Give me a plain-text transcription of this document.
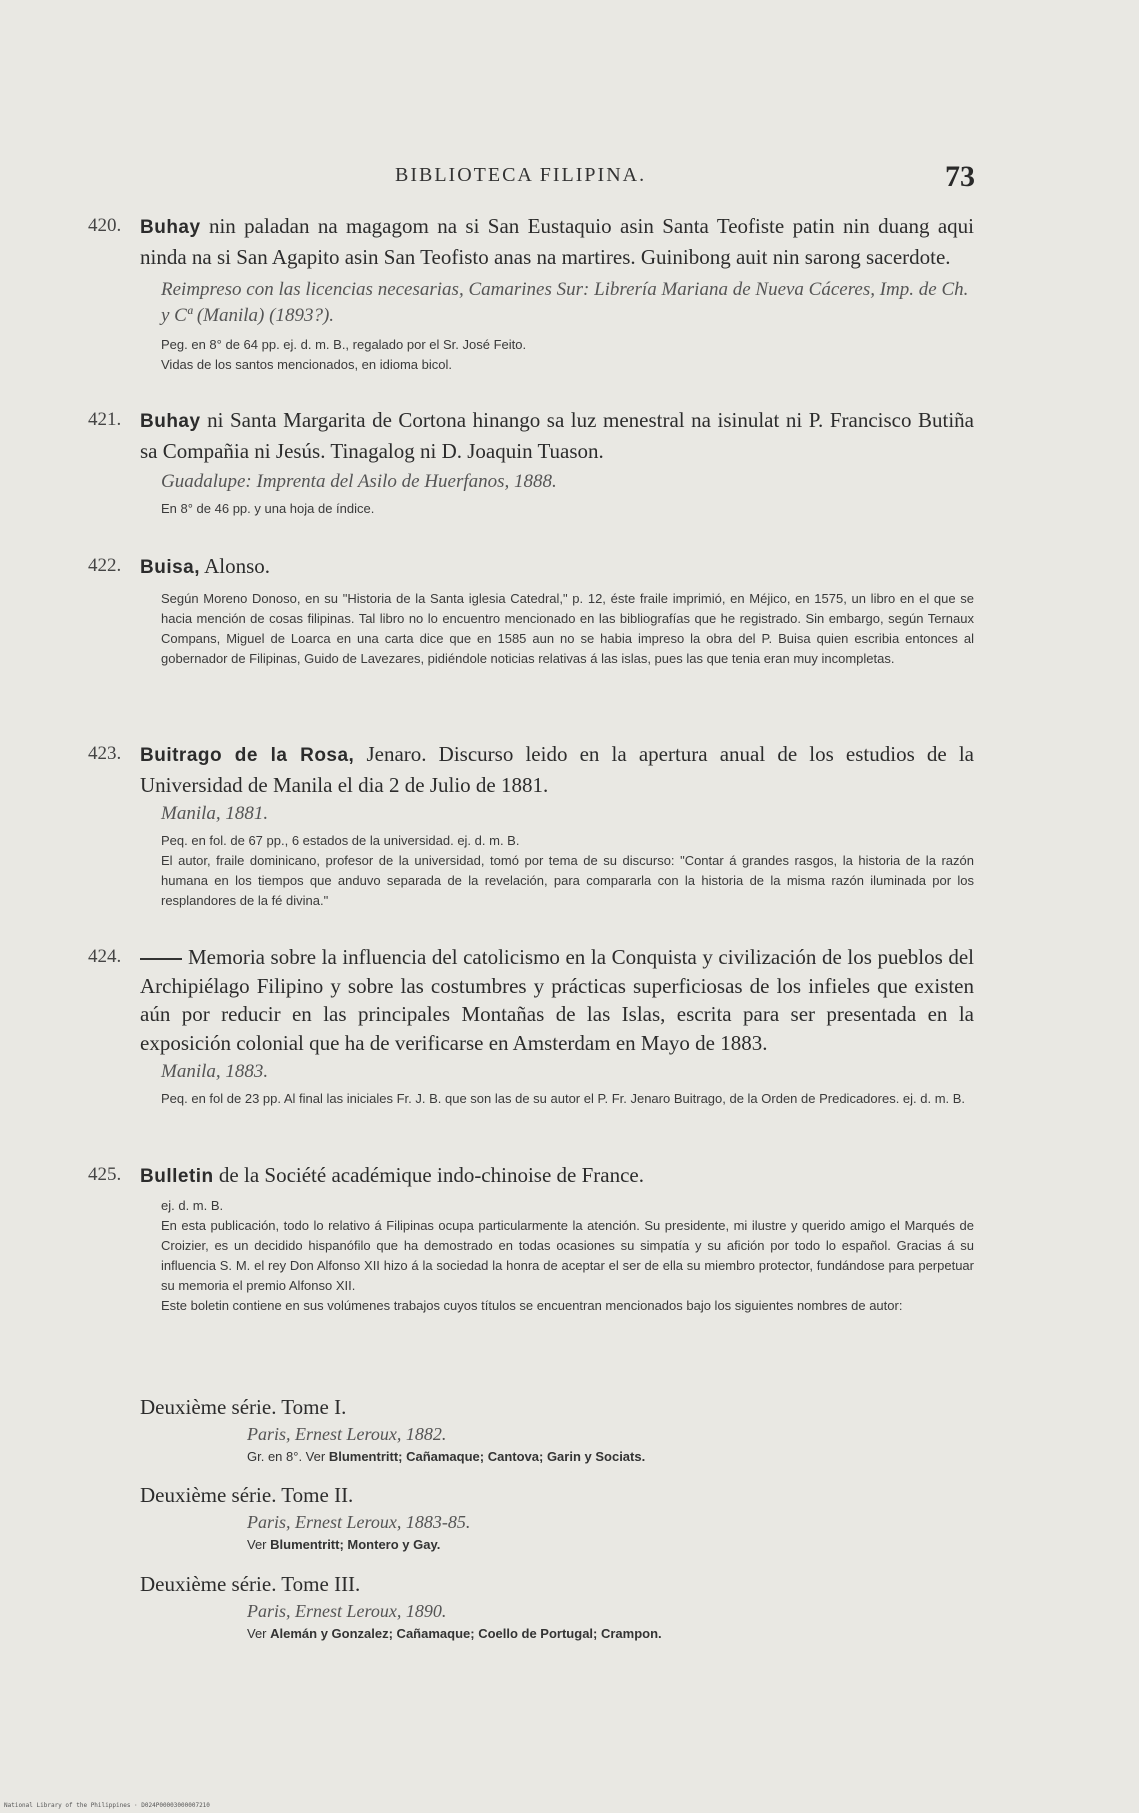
BIBLIOTECA FILIPINA.	73
420. Buhay nin paladan na magagom na si San Eustaquio asin Santa Teofiste patin nin duang aqui ninda na si San Agapito asin San Teofisto anas na martires. Guinibong auit nin sarong sacerdote.
Reimpreso con las licencias necesarias, Camarines Sur: Librería Mariana de Nueva Cáceres, Imp. de Ch. y Cª (Manila) (1893?).
Peg. en 8° de 64 pp. ej. d. m. B., regalado por el Sr. José Feito.
Vidas de los santos mencionados, en idioma bicol.
421. Buhay ni Santa Margarita de Cortona hinango sa luz menestral na isinulat ni P. Francisco Butiña sa Compañia ni Jesús. Tinagalog ni D. Joaquin Tuason.
Guadalupe: Imprenta del Asilo de Huerfanos, 1888.
En 8° de 46 pp. y una hoja de índice.
422. Buisa, Alonso.
Según Moreno Donoso, en su "Historia de la Santa iglesia Catedral," p. 12, éste fraile imprimió, en Méjico, en 1575, un libro en el que se hacia mención de cosas filipinas. Tal libro no lo encuentro mencionado en las bibliografías que he registrado. Sin embargo, según Ternaux Compans, Miguel de Loarca en una carta dice que en 1585 aun no se habia impreso la obra del P. Buisa quien escribia entonces al gobernador de Filipinas, Guido de Lavezares, pidiéndole noticias relativas á las islas, pues las que tenia eran muy incompletas.
423. Buitrago de la Rosa, Jenaro. Discurso leido en la apertura anual de los estudios de la Universidad de Manila el dia 2 de Julio de 1881.
Manila, 1881.
Peq. en fol. de 67 pp., 6 estados de la universidad. ej. d. m. B.
El autor, fraile dominicano, profesor de la universidad, tomó por tema de su discurso: "Contar á grandes rasgos, la historia de la razón humana en los tiempos que anduvo separada de la revelación, para compararla con la historia de la misma razón iluminada por los resplandores de la fé divina."
424.	Memoria sobre la influencia del catolicismo en la Conquista y civilización de los pueblos del Archipiélago Filipino y sobre las costumbres y prácticas superficiosas de los infieles que existen aún por reducir en las principales Montañas de las Islas, escrita para ser presentada en la exposición colonial que ha de verificarse en Amsterdam en Mayo de 1883.
Manila, 1883.
Peq. en fol de 23 pp. Al final las iniciales Fr. J. B. que son las de su autor el P. Fr. Jenaro Buitrago, de la Orden de Predicadores. ej. d. m. B.
425. Bulletin de la Société académique indo-chinoise de France.
ej. d. m. B.
En esta publicación, todo lo relativo á Filipinas ocupa particularmente la atención. Su presidente, mi ilustre y querido amigo el Marqués de Croizier, es un decidido hispanófilo que ha demostrado en todas ocasiones su simpatía y su afición por todo lo español. Gracias á su influencia S. M. el rey Don Alfonso XII hizo á la sociedad la honra de aceptar el ser de ella su miembro protector, fundándose para perpetuar su memoria el premio Alfonso XII.
Este boletin contiene en sus volúmenes trabajos cuyos títulos se encuentran mencionados bajo los siguientes nombres de autor:
Deuxième série. Tome I.
Paris, Ernest Leroux, 1882.
Gr. en 8°. Ver Blumentritt; Cañamaque; Cantova; Garin y Sociats.
Deuxième série. Tome II.
Paris, Ernest Leroux, 1883-85.
Ver Blumentritt; Montero y Gay.
Deuxième série. Tome III.
Paris, Ernest Leroux, 1890.
Ver Alemán y Gonzalez; Cañamaque; Coello de Portugal; Crampon.
National Library of the Philippines · D024P00003000007210
